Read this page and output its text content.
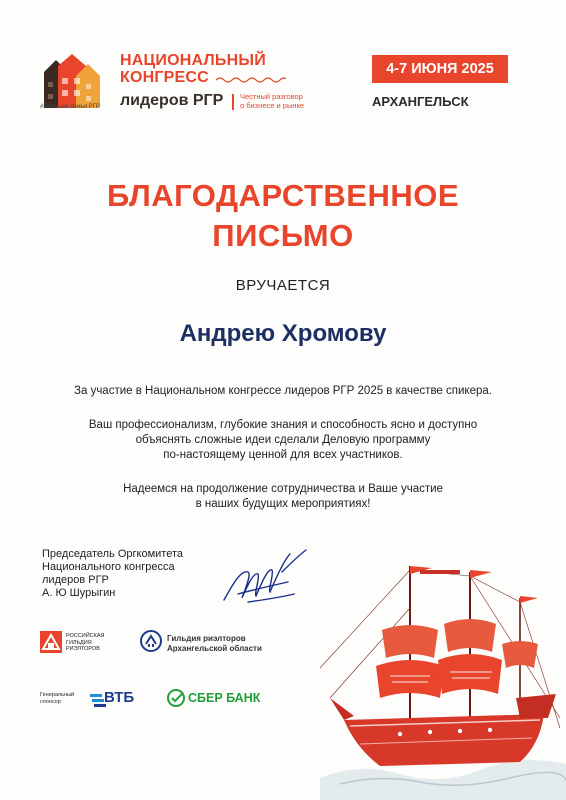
#Большая семья РГР
НАЦИОНАЛЬНЫЙ
КОНГРЕСС
лидеров РГР Честный разговор
о бизнесе и рынке
4-7 ИЮНЯ 2025
АРХАНГЕЛЬСК
БЛАГОДАРСТВЕННОЕ
ПИСЬМО
ВРУЧАЕТСЯ
Андрею Хромову
За участие в Национальном конгрессе лидеров РГР 2025 в качестве спикера.
Ваш профессионализм, глубокие знания и способность ясно и доступно
объяснять сложные идеи сделали Деловую программу
по-настоящему ценной для всех участников.
Надеемся на продолжение сотрудничества и Ваше участие
в наших будущих мероприятиях!
Председатель Оргкомитета
Национального конгресса
лидеров РГР
А. Ю Шурыгин
РОССИЙСКАЯ
ГИЛЬДИЯ
РИЭЛТОРОВ
Гильдия риэлторов
Архангельской области
Генеральный
спонсор	ВТБ	СБЕР БАНК
